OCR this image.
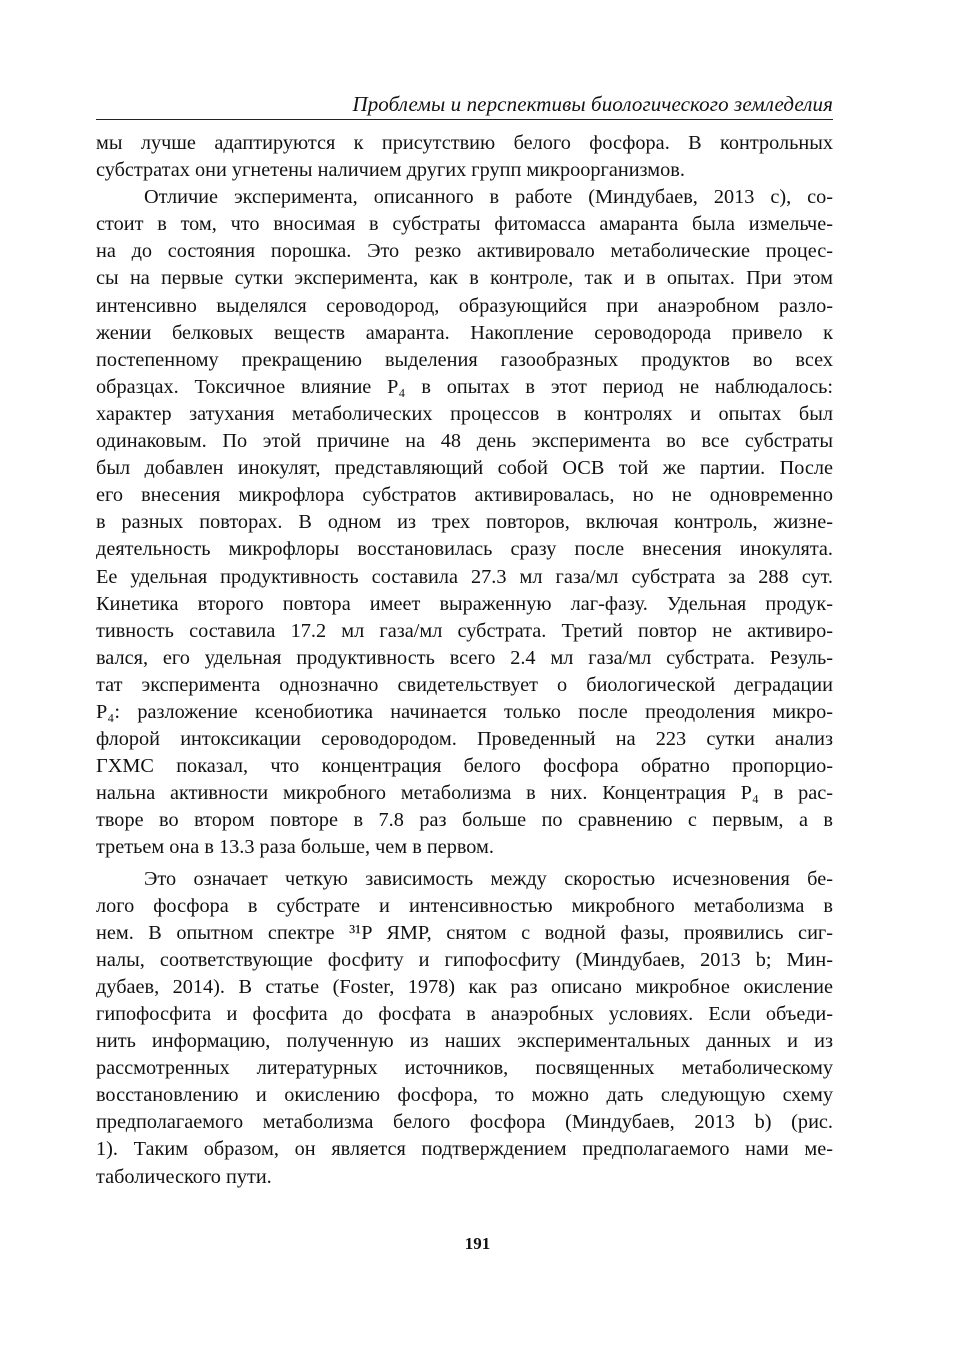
Проблемы и перспективы биологического земледелия

мы лучше адаптируются к присутствию белого фосфора. В контрольных
субстратах они угнетены наличием других групп микроорганизмов.

Отличие эксперимента, описанного в работе (Миндубаев, 2013 c), со-
стоит в том, что вносимая в субстраты фитомасса амаранта была измельче-
на до состояния порошка. Это резко активировало метаболические процес-
сы на первые сутки эксперимента, как в контроле, так и в опытах. При этом
интенсивно выделялся сероводород, образующийся при анаэробном разло-
жении белковых веществ амаранта. Накопление сероводорода привело к
постепенному прекращению выделения газообразных продуктов во всех
образцах. Токсичное влияние P₄ в опытах в этот период не наблюдалось:
характер затухания метаболических процессов в контролях и опытах был
одинаковым. По этой причине на 48 день эксперимента во все субстраты
был добавлен инокулят, представляющий собой ОСВ той же партии. После
его внесения микрофлора субстратов активировалась, но не одновременно
в разных повторах. В одном из трех повторов, включая контроль, жизне-
деятельность микрофлоры восстановилась сразу после внесения инокулята.
Ее удельная продуктивность составила 27.3 мл газа/мл субстрата за 288 сут.
Кинетика второго повтора имеет выраженную лаг-фазу. Удельная продук-
тивность составила 17.2 мл газа/мл субстрата. Третий повтор не активиро-
вался, его удельная продуктивность всего 2.4 мл газа/мл субстрата. Резуль-
тат эксперимента однозначно свидетельствует о биологической деградации
P₄: разложение ксенобиотика начинается только после преодоления микро-
флорой интоксикации сероводородом. Проведенный на 223 сутки анализ
ГХМС показал, что концентрация белого фосфора обратно пропорцио-
нальна активности микробного метаболизма в них. Концентрация P₄ в рас-
творе во втором повторе в 7.8 раз больше по сравнению с первым, а в
третьем она в 13.3 раза больше, чем в первом.

Это означает четкую зависимость между скоростью исчезновения бе-
лого фосфора в субстрате и интенсивностью микробного метаболизма в
нем. В опытном спектре ³¹P ЯМР, снятом с водной фазы, проявились сиг-
налы, соответствующие фосфиту и гипофосфиту (Миндубаев, 2013 b; Мин-
дубаев, 2014). В статье (Foster, 1978) как раз описано микробное окисление
гипофосфита и фосфита до фосфата в анаэробных условиях. Если объеди-
нить информацию, полученную из наших экспериментальных данных и из
рассмотренных литературных источников, посвященных метаболическому
восстановлению и окислению фосфора, то можно дать следующую схему
предполагаемого метаболизма белого фосфора (Миндубаев, 2013 b) (рис.
1). Таким образом, он является подтверждением предполагаемого нами ме-
таболического пути.

191
